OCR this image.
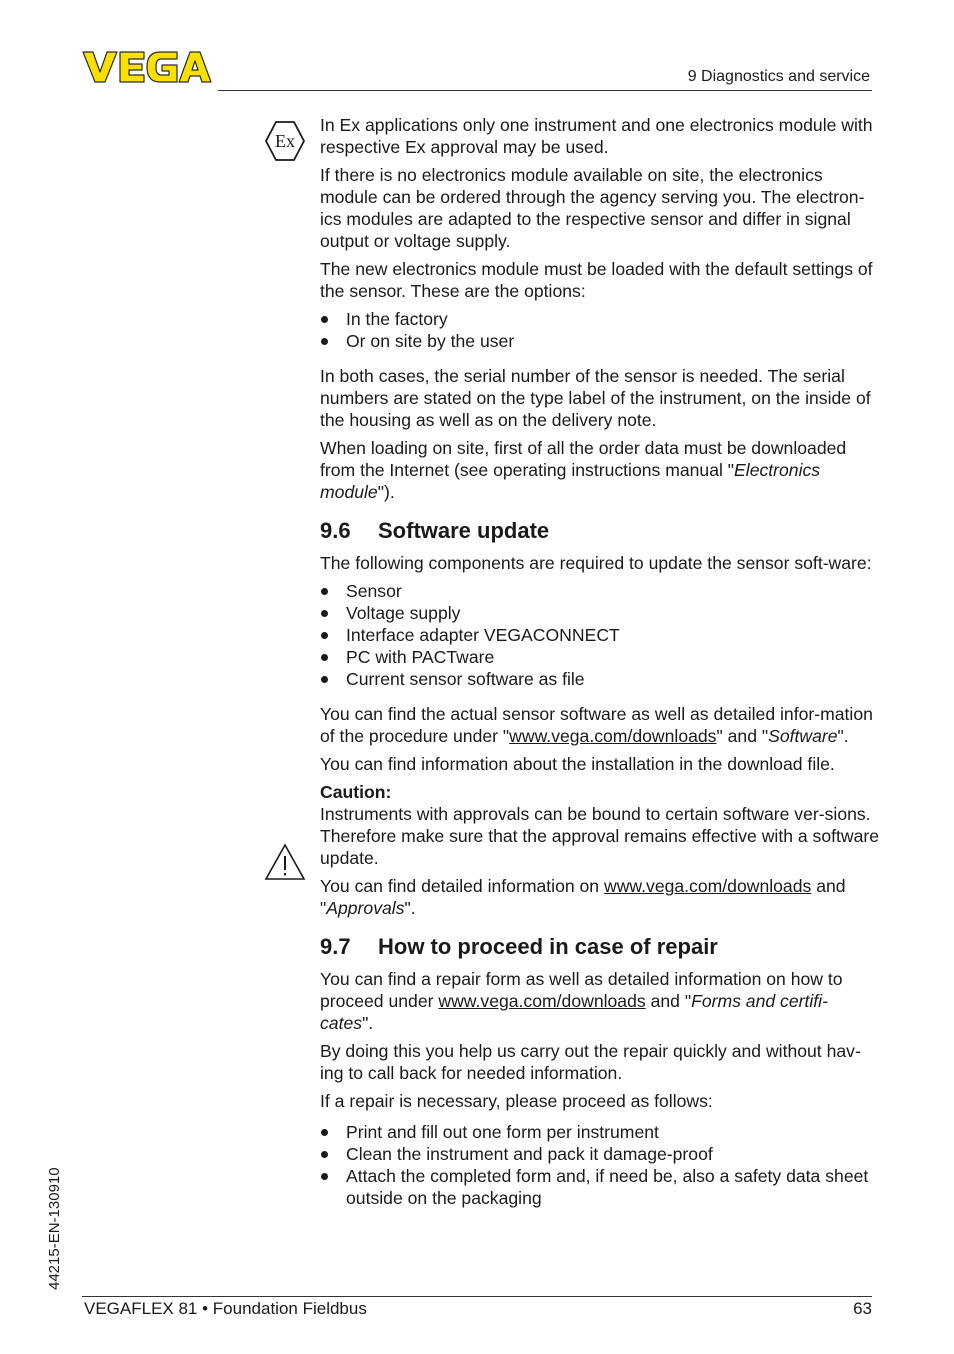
9 Diagnostics and service
44215-EN-130910
Ex

In Ex applications only one instrument and one electronics module with respective Ex approval may be used.

If there is no electronics module available on site, the electronics module can be ordered through the agency serving you. The electron-ics modules are adapted to the respective sensor and differ in signal output or voltage supply.

The new electronics module must be loaded with the default settings of the sensor. These are the options:

In the factory
Or on site by the user

In both cases, the serial number of the sensor is needed. The serial numbers are stated on the type label of the instrument, on the inside of the housing as well as on the delivery note.

When loading on site, first of all the order data must be downloaded from the Internet (see operating instructions manual "Electronics module").

9.6 Software update

The following components are required to update the sensor soft-ware:

Sensor
Voltage supply
Interface adapter VEGACONNECT
PC with PACTware
Current sensor software as file

You can find the actual sensor software as well as detailed infor-mation of the procedure under "www.vega.com/downloads" and "Software".

You can find information about the installation in the download file.

Caution:

Instruments with approvals can be bound to certain software ver-sions. Therefore make sure that the approval remains effective with a software update.

You can find detailed information on www.vega.com/downloads and "Approvals".

9.7 How to proceed in case of repair

You can find a repair form as well as detailed information on how to proceed under www.vega.com/downloads and "Forms and certifi-cates".

By doing this you help us carry out the repair quickly and without hav-ing to call back for needed information.

If a repair is necessary, please proceed as follows:

Print and fill out one form per instrument
Clean the instrument and pack it damage-proof
Attach the completed form and, if need be, also a safety data sheet outside on the packaging
VEGAFLEX 81 • Foundation Fieldbus	63
